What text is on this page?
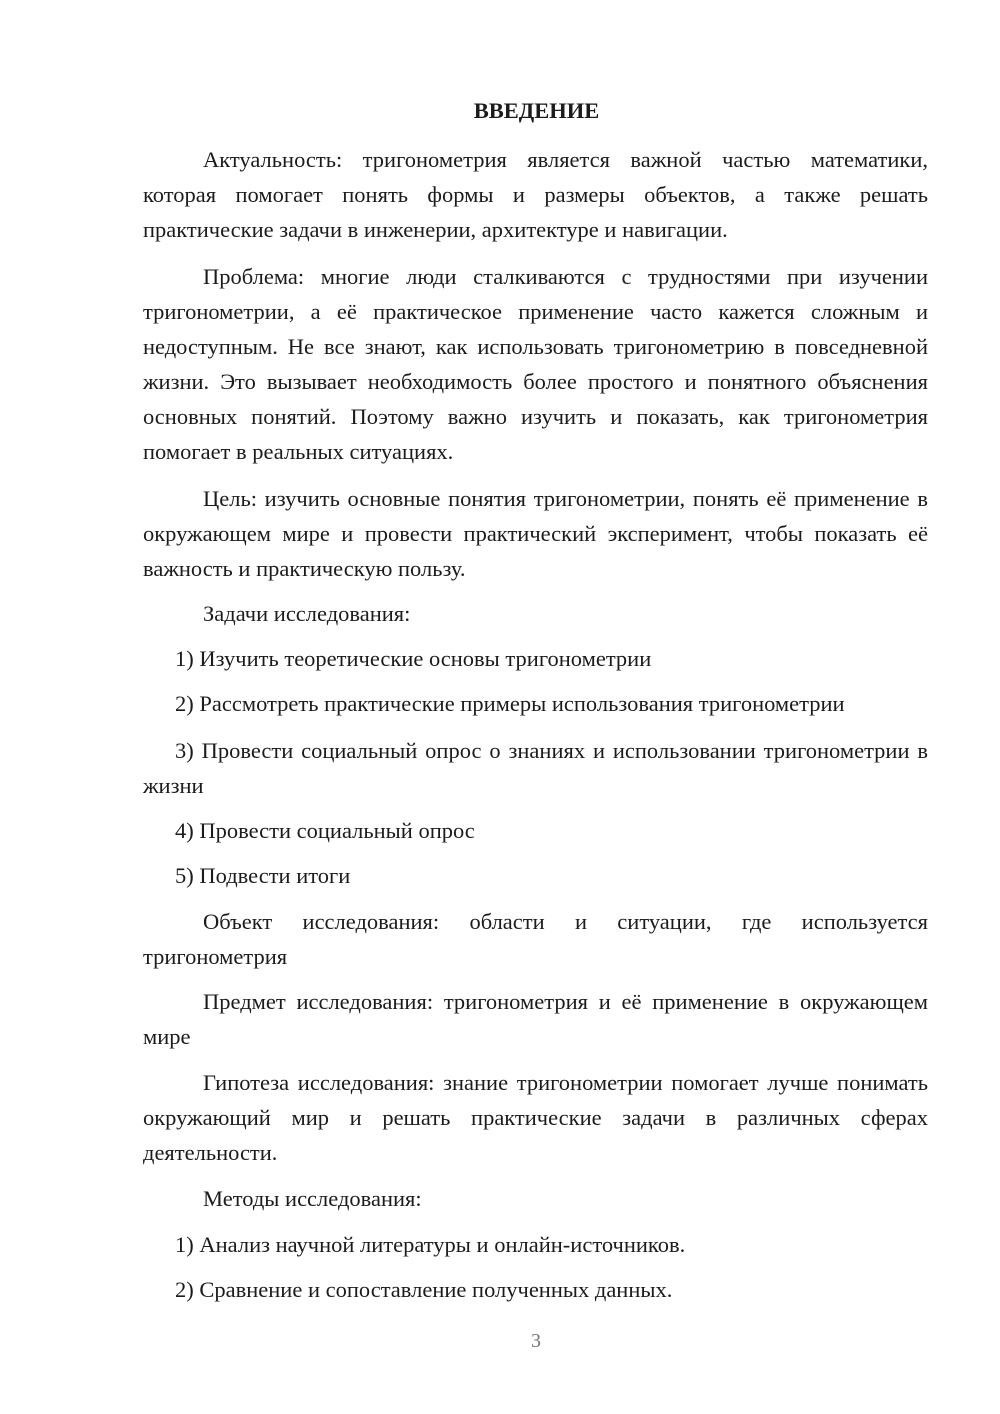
ВВЕДЕНИЕ
Актуальность: тригонометрия является важной частью математики, которая помогает понять формы и размеры объектов, а также решать практические задачи в инженерии, архитектуре и навигации.
Проблема: многие люди сталкиваются с трудностями при изучении тригонометрии, а её практическое применение часто кажется сложным и недоступным. Не все знают, как использовать тригонометрию в повседневной жизни. Это вызывает необходимость более простого и понятного объяснения основных понятий. Поэтому важно изучить и показать, как тригонометрия помогает в реальных ситуациях.
Цель: изучить основные понятия тригонометрии, понять её применение в окружающем мире и провести практический эксперимент, чтобы показать её важность и практическую пользу.
Задачи исследования:
1) Изучить теоретические основы тригонометрии
2) Рассмотреть практические примеры использования тригонометрии
3) Провести социальный опрос о знаниях и использовании тригонометрии в жизни
4) Провести социальный опрос
5) Подвести итоги
Объект исследования: области и ситуации, где используется тригонометрия
Предмет исследования: тригонометрия и её применение в окружающем мире
Гипотеза исследования: знание тригонометрии помогает лучше понимать окружающий мир и решать практические задачи в различных сферах деятельности.
Методы исследования:
1) Анализ научной литературы и онлайн-источников.
2) Сравнение и сопоставление полученных данных.
3
